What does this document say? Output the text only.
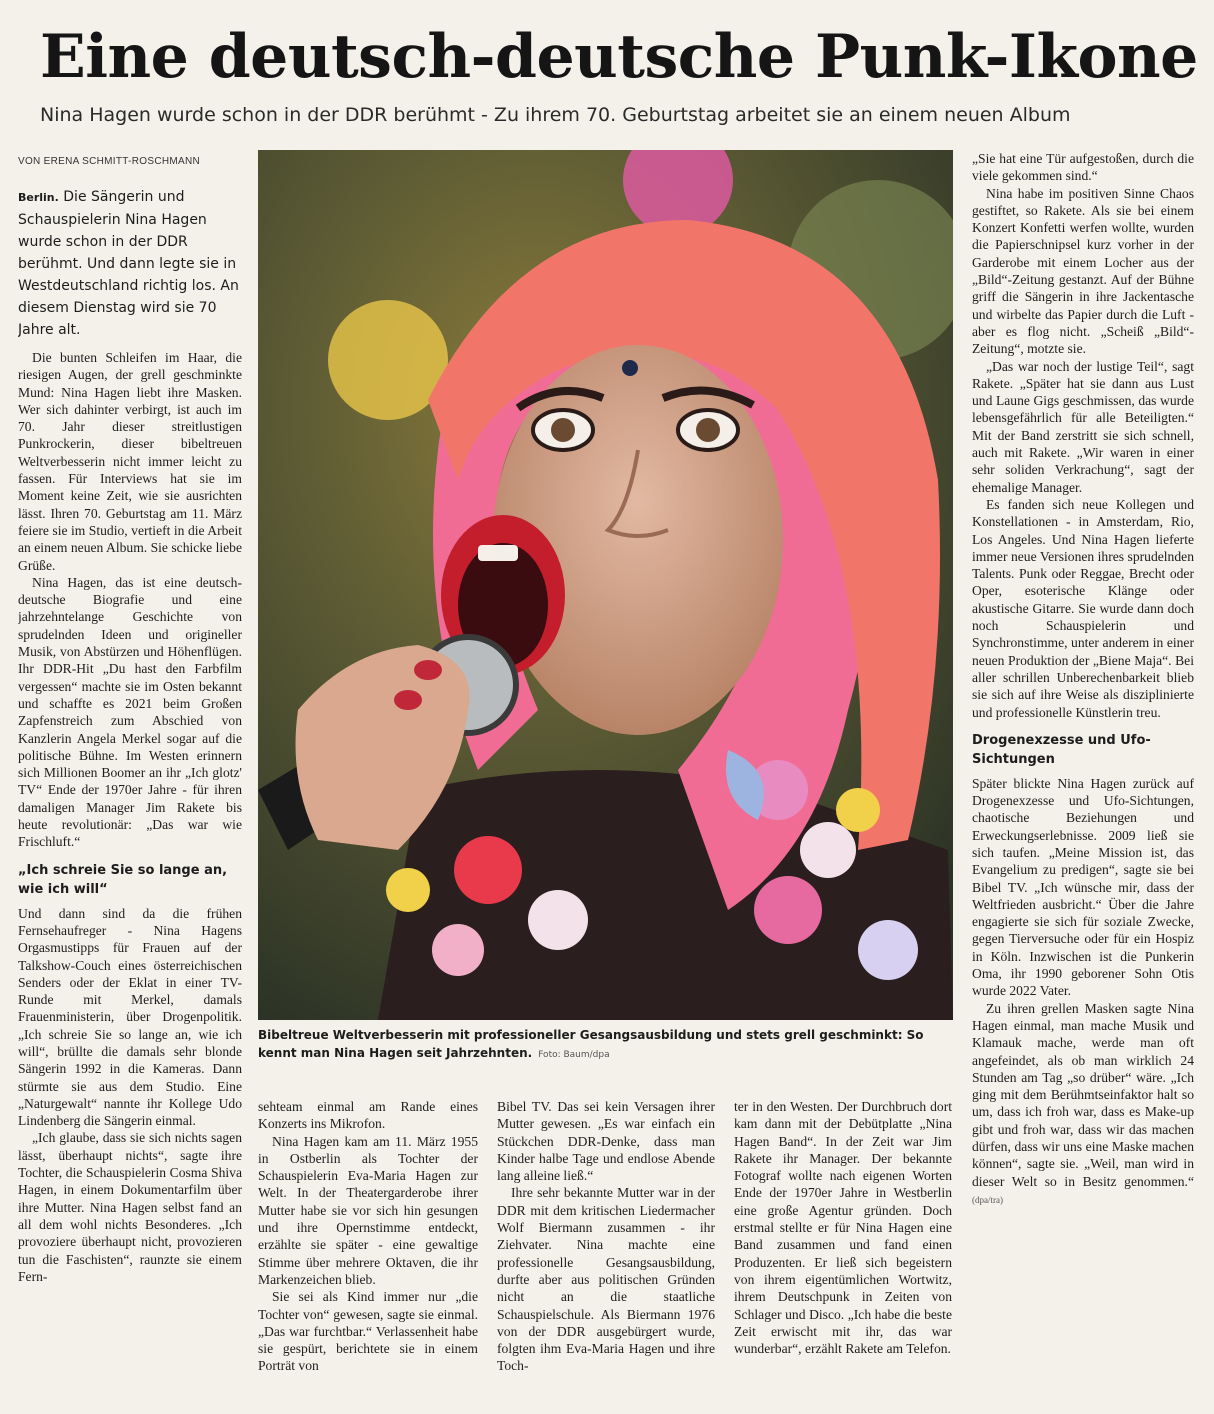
Eine deutsch-deutsche Punk-Ikone
Nina Hagen wurde schon in der DDR berühmt - Zu ihrem 70. Geburtstag arbeitet sie an einem neuen Album
VON ERENA SCHMITT-ROSCHMANN

Berlin. Die Sängerin und Schauspielerin Nina Hagen wurde schon in der DDR berühmt. Und dann legte sie in Westdeutschland richtig los. An diesem Dienstag wird sie 70 Jahre alt.

Die bunten Schleifen im Haar, die riesigen Augen, der grell geschminkte Mund: Nina Hagen liebt ihre Masken. Wer sich dahinter verbirgt, ist auch im 70. Jahr dieser streitlustigen Punkrockerin, dieser bibeltreuen Weltverbesserin nicht immer leicht zu fassen. Für Interviews hat sie im Moment keine Zeit, wie sie ausrichten lässt. Ihren 70. Geburtstag am 11. März feiere sie im Studio, vertieft in die Arbeit an einem neuen Album. Sie schicke liebe Grüße.

Nina Hagen, das ist eine deutsch-deutsche Biografie und eine jahrzehntelange Geschichte von sprudelnden Ideen und origineller Musik, von Abstürzen und Höhenflügen. Ihr DDR-Hit „Du hast den Farbfilm vergessen“ machte sie im Osten bekannt und schaffte es 2021 beim Großen Zapfenstreich zum Abschied von Kanzlerin Angela Merkel sogar auf die politische Bühne. Im Westen erinnern sich Millionen Boomer an ihr „Ich glotz' TV“ Ende der 1970er Jahre - für ihren damaligen Manager Jim Rakete bis heute revolutionär: „Das war wie Frischluft.“

„Ich schreie Sie so lange an, wie ich will“

Und dann sind da die frühen Fernsehaufreger - Nina Hagens Orgasmustipps für Frauen auf der Talkshow-Couch eines österreichischen Senders oder der Eklat in einer TV-Runde mit Merkel, damals Frauenministerin, über Drogenpolitik. „Ich schreie Sie so lange an, wie ich will“, brüllte die damals sehr blonde Sängerin 1992 in die Kameras. Dann stürmte sie aus dem Studio. Eine „Naturgewalt“ nannte ihr Kollege Udo Lindenberg die Sängerin einmal.

„Ich glaube, dass sie sich nichts sagen lässt, überhaupt nichts“, sagte ihre Tochter, die Schauspielerin Cosma Shiva Hagen, in einem Dokumentarfilm über ihre Mutter. Nina Hagen selbst fand an all dem wohl nichts Besonderes. „Ich provoziere überhaupt nicht, provozieren tun die Faschisten“, raunzte sie einem Fern-

Bibeltreue Weltverbesserin mit professioneller Gesangsausbildung und stets grell geschminkt: So kennt man Nina Hagen seit Jahrzehnten. Foto: Baum/dpa

sehteam einmal am Rande eines Konzerts ins Mikrofon.

Nina Hagen kam am 11. März 1955 in Ostberlin als Tochter der Schauspielerin Eva-Maria Hagen zur Welt. In der Theatergarderobe ihrer Mutter habe sie vor sich hin gesungen und ihre Opernstimme entdeckt, erzählte sie später - eine gewaltige Stimme über mehrere Oktaven, die ihr Markenzeichen blieb.

Sie sei als Kind immer nur „die Tochter von“ gewesen, sagte sie einmal. „Das war furchtbar.“ Verlassenheit habe sie gespürt, berichtete sie in einem Porträt von

Bibel TV. Das sei kein Versagen ihrer Mutter gewesen. „Es war einfach ein Stückchen DDR-Denke, dass man Kinder halbe Tage und endlose Abende lang alleine ließ.“

Ihre sehr bekannte Mutter war in der DDR mit dem kritischen Liedermacher Wolf Biermann zusammen - ihr Ziehvater. Nina machte eine professionelle Gesangsausbildung, durfte aber aus politischen Gründen nicht an die staatliche Schauspielschule. Als Biermann 1976 von der DDR ausgebürgert wurde, folgten ihm Eva-Maria Hagen und ihre Toch-

ter in den Westen. Der Durchbruch dort kam dann mit der Debütplatte „Nina Hagen Band“. In der Zeit war Jim Rakete ihr Manager. Der bekannte Fotograf wollte nach eigenen Worten Ende der 1970er Jahre in Westberlin eine große Agentur gründen. Doch erstmal stellte er für Nina Hagen eine Band zusammen und fand einen Produzenten. Er ließ sich begeistern von ihrem eigentümlichen Wortwitz, ihrem Deutschpunk in Zeiten von Schlager und Disco. „Ich habe die beste Zeit erwischt mit ihr, das war wunderbar“, erzählt Rakete am Telefon.

„Sie hat eine Tür aufgestoßen, durch die viele gekommen sind.“

Nina habe im positiven Sinne Chaos gestiftet, so Rakete. Als sie bei einem Konzert Konfetti werfen wollte, wurden die Papierschnipsel kurz vorher in der Garderobe mit einem Locher aus der „Bild“-Zeitung gestanzt. Auf der Bühne griff die Sängerin in ihre Jackentasche und wirbelte das Papier durch die Luft - aber es flog nicht. „Scheiß „Bild“-Zeitung“, motzte sie.

„Das war noch der lustige Teil“, sagt Rakete. „Später hat sie dann aus Lust und Laune Gigs geschmissen, das wurde lebensgefährlich für alle Beteiligten.“ Mit der Band zerstritt sie sich schnell, auch mit Rakete. „Wir waren in einer sehr soliden Verkrachung“, sagt der ehemalige Manager.

Es fanden sich neue Kollegen und Konstellationen - in Amsterdam, Rio, Los Angeles. Und Nina Hagen lieferte immer neue Versionen ihres sprudelnden Talents. Punk oder Reggae, Brecht oder Oper, esoterische Klänge oder akustische Gitarre. Sie wurde dann doch noch Schauspielerin und Synchronstimme, unter anderem in einer neuen Produktion der „Biene Maja“. Bei aller schrillen Unberechenbarkeit blieb sie sich auf ihre Weise als disziplinierte und professionelle Künstlerin treu.

Drogenexzesse und Ufo-Sichtungen

Später blickte Nina Hagen zurück auf Drogenexzesse und Ufo-Sichtungen, chaotische Beziehungen und Erweckungserlebnisse. 2009 ließ sie sich taufen. „Meine Mission ist, das Evangelium zu predigen“, sagte sie bei Bibel TV. „Ich wünsche mir, dass der Weltfrieden ausbricht.“ Über die Jahre engagierte sie sich für soziale Zwecke, gegen Tierversuche oder für ein Hospiz in Köln. Inzwischen ist die Punkerin Oma, ihr 1990 geborener Sohn Otis wurde 2022 Vater.

Zu ihren grellen Masken sagte Nina Hagen einmal, man mache Musik und Klamauk mache, werde man oft angefeindet, als ob man wirklich 24 Stunden am Tag „so drüber“ wäre. „Ich ging mit dem Berühmtseinfaktor halt so um, dass ich froh war, dass es Make-up gibt und froh war, dass wir das machen dürfen, dass wir uns eine Maske machen können“, sagte sie. „Weil, man wird in dieser Welt so in Besitz genommen.“ (dpa/tra)
